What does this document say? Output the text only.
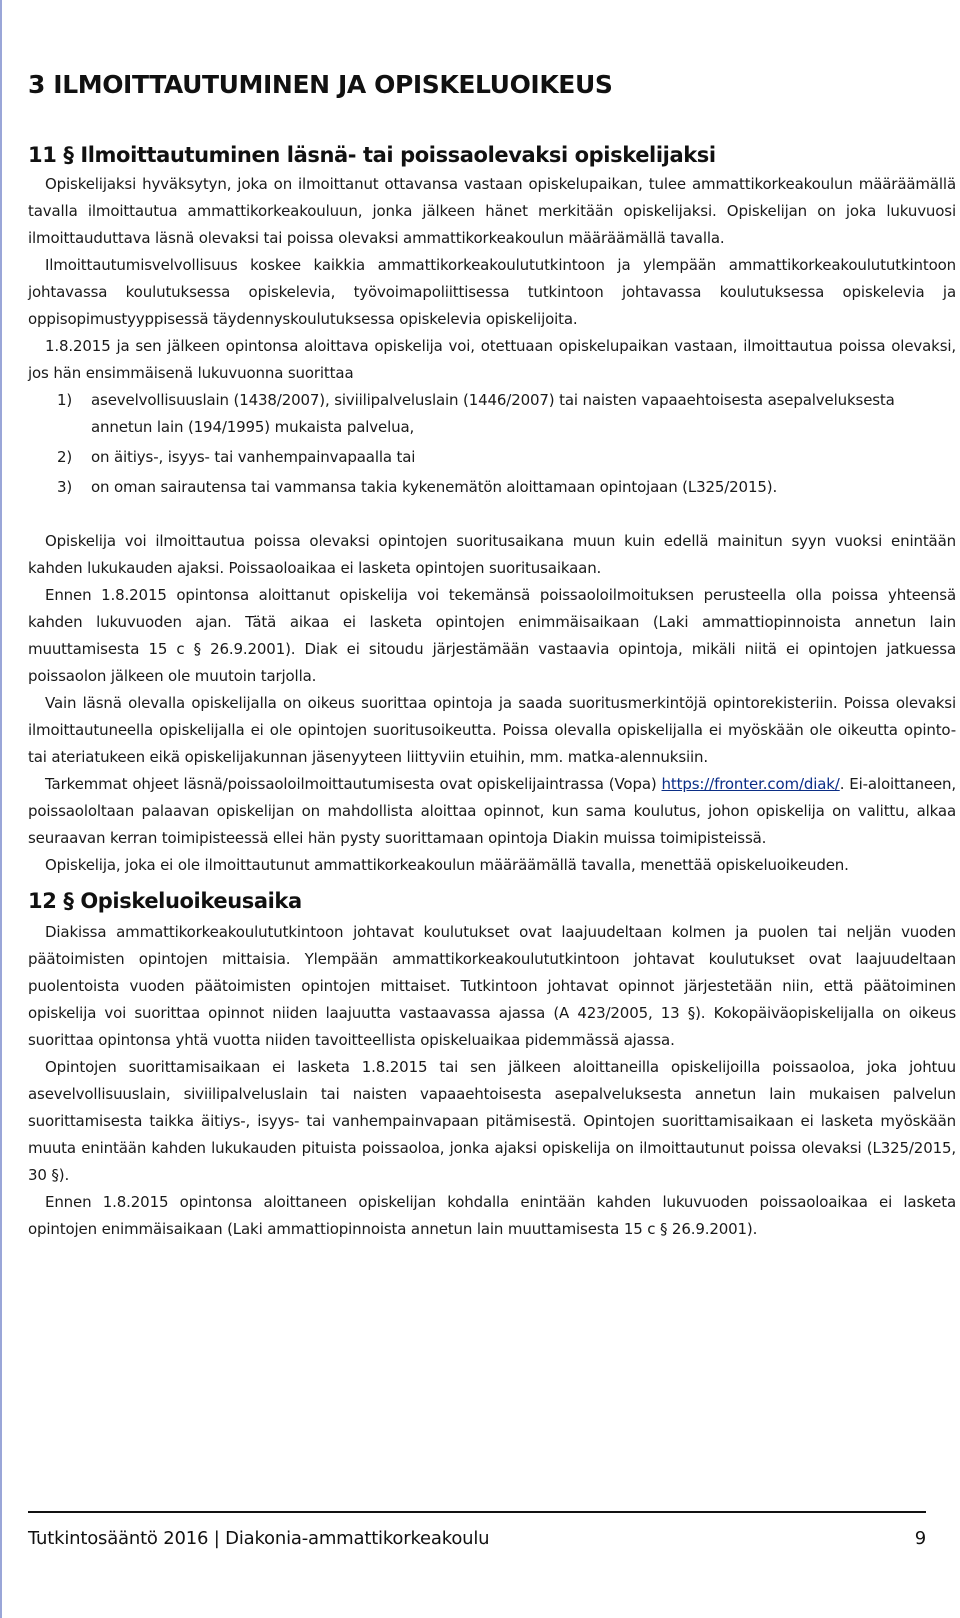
3 ILMOITTAUTUMINEN JA OPISKELUOIKEUS
11 § Ilmoittautuminen läsnä- tai poissaolevaksi opiskelijaksi

Opiskelijaksi hyväksytyn, joka on ilmoittanut ottavansa vastaan opiskelupaikan, tulee ammattikorkeakoulun määräämällä tavalla ilmoittautua ammattikorkeakouluun, jonka jälkeen hänet merkitään opiskelijaksi. Opiskelijan on joka lukuvuosi ilmoittauduttava läsnä olevaksi tai poissa olevaksi ammattikorkeakoulun määräämällä tavalla.

Ilmoittautumisvelvollisuus koskee kaikkia ammattikorkeakoulututkintoon ja ylempään ammattikorkeakoulututkintoon johtavassa koulutuksessa opiskelevia, työvoimapoliittisessa tutkintoon johtavassa koulutuksessa opiskelevia ja oppisopimustyyppisessä täydennyskoulutuksessa opiskelevia opiskelijoita.

1.8.2015 ja sen jälkeen opintonsa aloittava opiskelija voi, otettuaan opiskelupaikan vastaan, ilmoittautua poissa olevaksi, jos hän ensimmäisenä lukuvuonna suorittaa

1) asevelvollisuuslain (1438/2007), siviilipalveluslain (1446/2007) tai naisten vapaaehtoisesta asepalveluksesta annetun lain (194/1995) mukaista palvelua,
2) on äitiys-, isyys- tai vanhempainvapaalla tai
3) on oman sairautensa tai vammansa takia kykenemätön aloittamaan opintojaan (L325/2015).

Opiskelija voi ilmoittautua poissa olevaksi opintojen suoritusaikana muun kuin edellä mainitun syyn vuoksi enintään kahden lukukauden ajaksi. Poissaoloaikaa ei lasketa opintojen suoritusaikaan.

Ennen 1.8.2015 opintonsa aloittanut opiskelija voi tekemänsä poissaoloilmoituksen perusteella olla poissa yhteensä kahden lukuvuoden ajan. Tätä aikaa ei lasketa opintojen enimmäisaikaan (Laki ammattiopinnoista annetun lain muuttamisesta 15 c § 26.9.2001). Diak ei sitoudu järjestämään vastaavia opintoja, mikäli niitä ei opintojen jatkuessa poissaolon jälkeen ole muutoin tarjolla.

Vain läsnä olevalla opiskelijalla on oikeus suorittaa opintoja ja saada suoritusmerkintöjä opintorekisteriin. Poissa olevaksi ilmoittautuneella opiskelijalla ei ole opintojen suoritusoikeutta. Poissa olevalla opiskelijalla ei myöskään ole oikeutta opinto- tai ateriatukeen eikä opiskelijakunnan jäsenyyteen liittyviin etuihin, mm. matka-alennuksiin.

Tarkemmat ohjeet läsnä/poissaoloilmoittautumisesta ovat opiskelijaintrassa (Vopa) https://fronter.com/diak/. Ei-aloittaneen, poissaololtaan palaavan opiskelijan on mahdollista aloittaa opinnot, kun sama koulutus, johon opiskelija on valittu, alkaa seuraavan kerran toimipisteessä ellei hän pysty suorittamaan opintoja Diakin muissa toimipisteissä.

Opiskelija, joka ei ole ilmoittautunut ammattikorkeakoulun määräämällä tavalla, menettää opiskeluoikeuden.

12 § Opiskeluoikeusaika

Diakissa ammattikorkeakoulututkintoon johtavat koulutukset ovat laajuudeltaan kolmen ja puolen tai neljän vuoden päätoimisten opintojen mittaisia. Ylempään ammattikorkeakoulututkintoon johtavat koulutukset ovat laajuudeltaan puolentoista vuoden päätoimisten opintojen mittaiset. Tutkintoon johtavat opinnot järjestetään niin, että päätoiminen opiskelija voi suorittaa opinnot niiden laajuutta vastaavassa ajassa (A 423/2005, 13 §). Kokopäiväopiskelijalla on oikeus suorittaa opintonsa yhtä vuotta niiden tavoitteellista opiskeluaikaa pidemmässä ajassa.

Opintojen suorittamisaikaan ei lasketa 1.8.2015 tai sen jälkeen aloittaneilla opiskelijoilla poissaoloa, joka johtuu asevelvollisuuslain, siviilipalveluslain tai naisten vapaaehtoisesta asepalveluksesta annetun lain mukaisen palvelun suorittamisesta taikka äitiys-, isyys- tai vanhempainvapaan pitämisestä. Opintojen suorittamisaikaan ei lasketa myöskään muuta enintään kahden lukukauden pituista poissaoloa, jonka ajaksi opiskelija on ilmoittautunut poissa olevaksi (L325/2015, 30 §).

Ennen 1.8.2015 opintonsa aloittaneen opiskelijan kohdalla enintään kahden lukuvuoden poissaoloaikaa ei lasketa opintojen enimmäisaikaan (Laki ammattiopinnoista annetun lain muuttamisesta 15 c § 26.9.2001).

Tutkintosääntö 2016 | Diakonia-ammattikorkeakoulu	9
